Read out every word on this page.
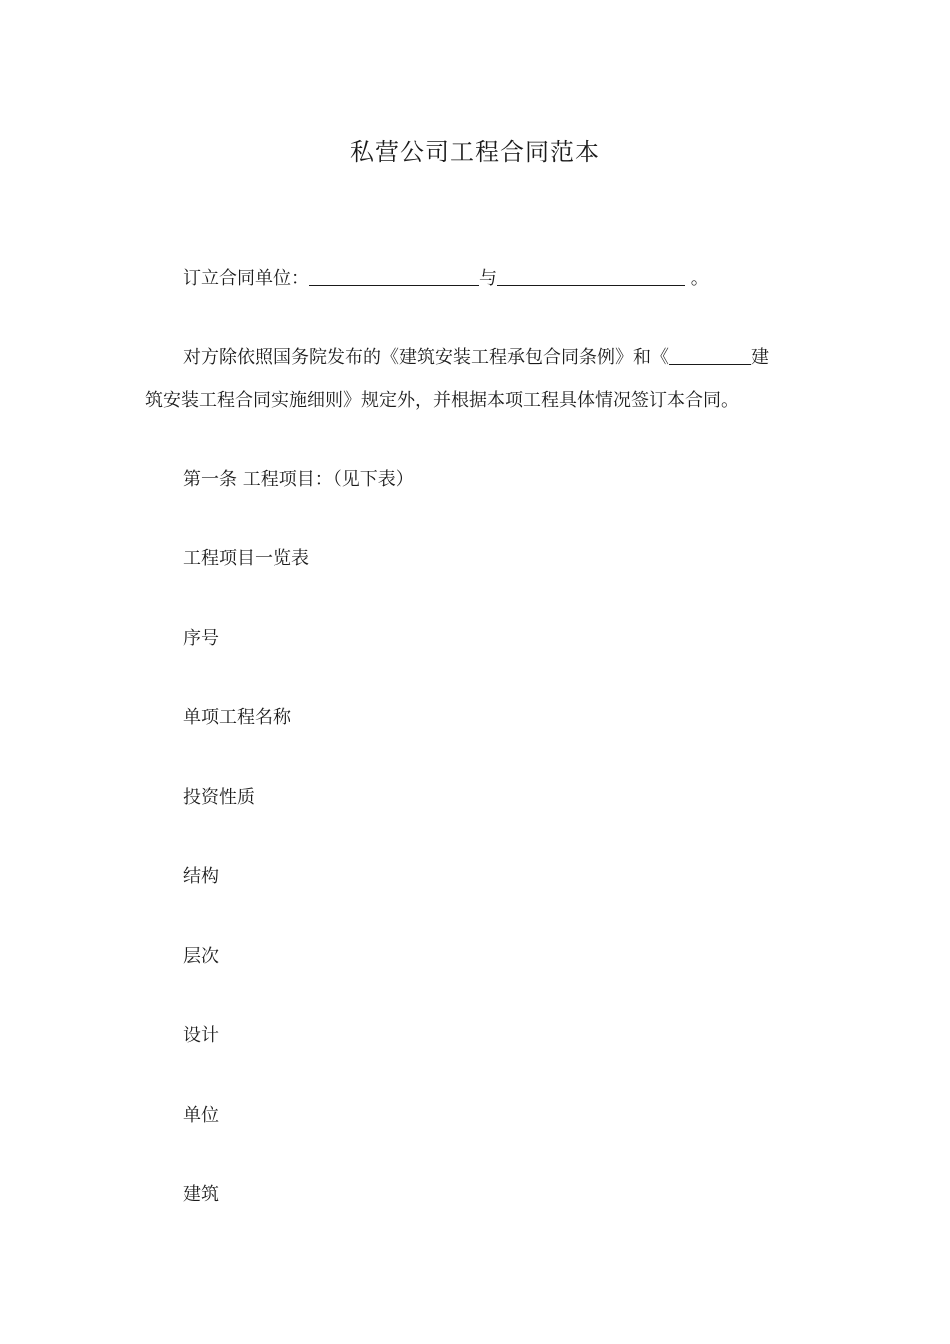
私营公司工程合同范本
订立合同单位：	与	。
对方除依照国务院发布的《建筑安装工程承包合同条例》和《	建
筑安装工程合同实施细则》规定外，并根据本项工程具体情况签订本合同。
第一条 工程项目：（见下表）
工程项目一览表
序号
单项工程名称
投资性质
结构
层次
设计
单位
建筑
